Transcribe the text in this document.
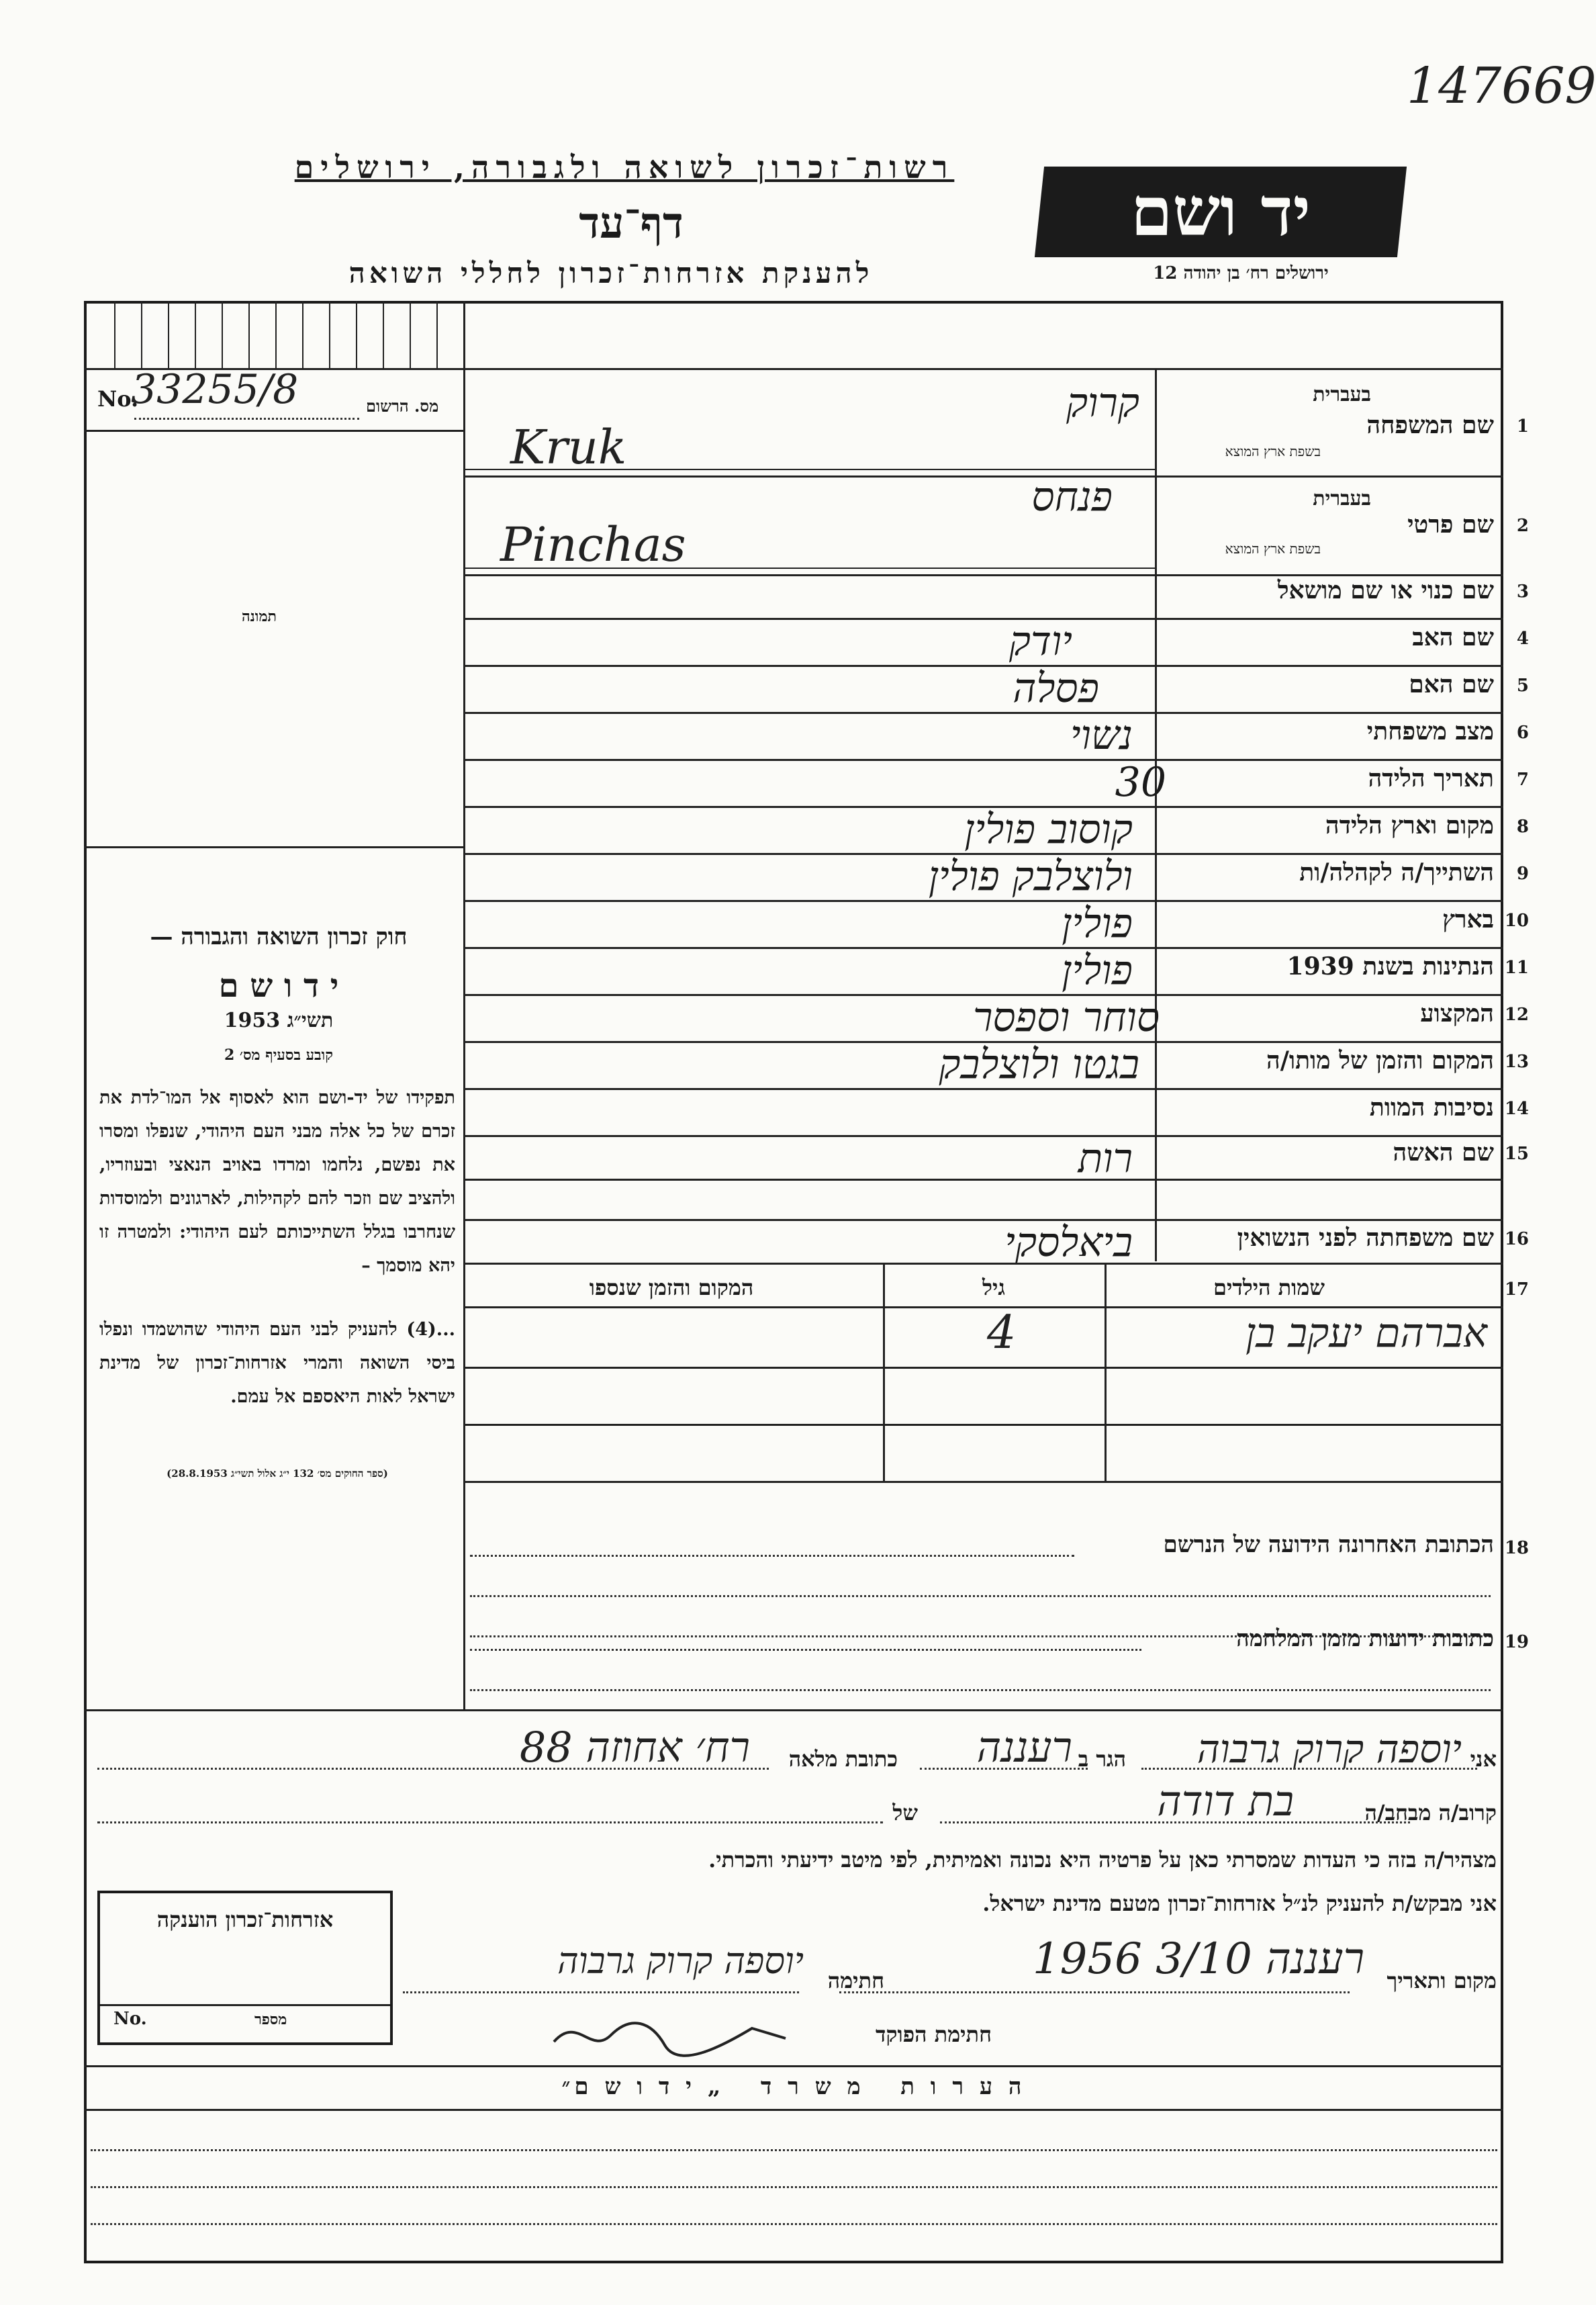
147669
רשות־זכרון לשואה ולגבורה, ירושלים
דף־עד
להענקת אזרחות־זכרון לחללי השואה
יד ושם
ירושלים רח׳ בן יהודה 12
No.
33255/8	מס. הרשום
תמונה
חוק זכרון השואה והגבורה —
י ד ו ש ם
תשי״ג 1953
קובע בסעיף מס׳ 2
תפקידו של יד-ושם הוא לאסוף אל המו־לדת את זכרם של כל אלה מבני העם היהודי, שנפלו ומסרו את נפשם, נלחמו ומרדו באויב הנאצי ובעוזריו, ולהציב שם וזכר להם לקהילות, לארגונים ולמוסדות שנחרבו בגלל השתייכותם לעם היהודי: ולמטרה זו יהא מוסמך –
...(4) להעניק לבני העם היהודי שהושמדו ונפלו ביסי השואה והמרי אזרחות־זכרון של מדינת ישראל לאות היאספם אל עמם.
(ספר החוקים מס׳ 132 י״ג אלול תשי״ג 28.8.1953)
בעברית
שם המשפחה 1
בשפת ארץ המוצא
קרוק
Kruk
בעברית
שם פרטי 2
בשפת ארץ המוצא
פנחס
Pinchas
שם כנוי או שם מושאל 3
שם האב 4
יודק
שם האם 5
פסלה
מצב משפחתי 6
נשוי
תאריך הלידה 7
30
מקום וארץ הלידה 8
קוסוב פולין
השתייך/ה לקהלה/ות 9
ולוצלבק פולין
בארץ 10
פולין
הנתינות בשנת 1939 11
פולין
המקצוע 12
סוחר וספסר
המקום והזמן של מותו/ה 13
בגטו ולוצלבק
נסיבות המוות 14
שם האשה 15
רות
שם משפחתה לפני הנשואין 16
ביאלסקי
17
שמות הילדים
גיל
המקום והזמן שנספו
אברהם יעקב בן
4
18
הכתובת האחרונה הידועה של הנרשם
19
כתובות ידועות מזמן המלחמה
אני
יוספה קרוק גרבוה
הגר ב
רעננה
כתובת מלאה
רח׳ אחוזה 88
קרוב/ה מבחב/ה
בת דודה
של
מצהיר/ה בזה כי העדות שמסרתי כאן על פרטיה היא נכונה ואמיתית, לפי מיטב ידיעתי והכרתי.
אני מבקש/ת להעניק לנ״ל אזרחות־זכרון מטעם מדינת ישראל.
מקום ותאריך
רעננה 3/10 1956
חתימה
יוספה קרוק גרבוה
חתימת הפוקד
אזרחות־זכרון הוענקה
No.	מספר
ה ע ר ו ת   מ ש ר ד   „ י ד ו ש ם״
